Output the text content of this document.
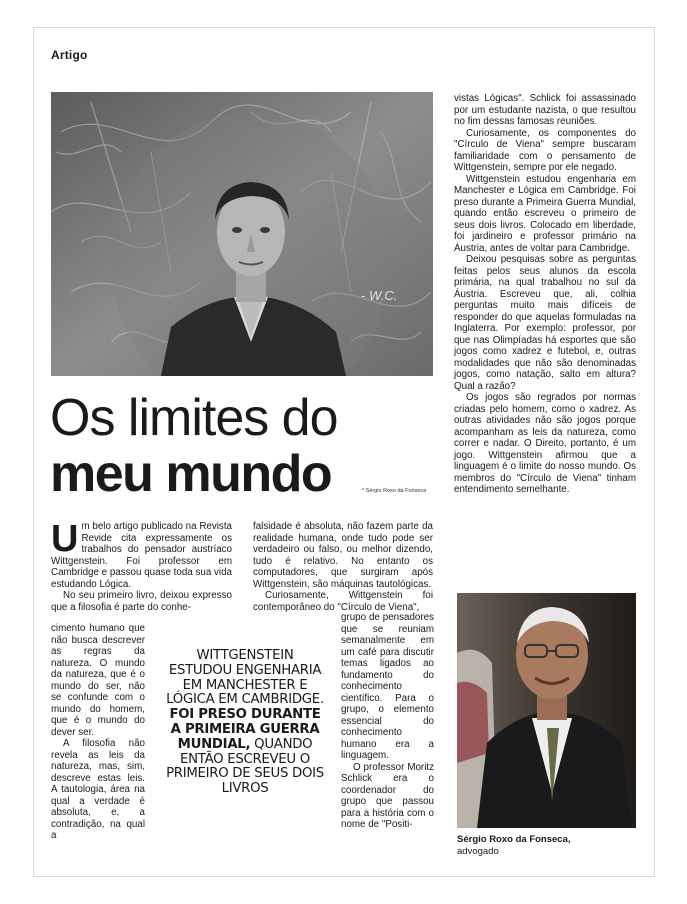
Artigo
- W.C.
Os limites do
meu mundo	* Sérgio Roxo da Fonseca

Um belo artigo publicado na Revista Revide cita expressamente os trabalhos do pensador austríaco Wittgenstein. Foi professor em Cambridge e passou quase toda sua vida estudando Lógica.

No seu primeiro livro, deixou expresso que a filosofia é parte do conhe-

cimento humano que não busca descrever as regras da natureza. O mundo da natureza, que é o mundo do ser, não se confunde com o mundo do homem, que é o mundo do dever ser.

A filosofia não revela as leis da natureza, mas, sim, descreve estas leis. A tautologia, área na qual a verdade é absoluta, e, a contradição, na qual a

falsidade é absoluta, não fazem parte da realidade humana, onde tudo pode ser verdadeiro ou falso, ou melhor dizendo, tudo é relativo. No entanto os computadores, que surgiram após Wittgenstein, são máquinas tautológicas.

Curiosamente, Wittgenstein foi contemporâneo do "Círculo de Viena",

grupo de pensadores que se reuniam semanalmente em um café para discutir temas ligados ao fundamento do conhecimento científico. Para o grupo, o elemento essencial do conhecimento humano era a linguagem.

O professor Moritz Schlick era o coordenador do grupo que passou para a história com o nome de "Positi-

WITTGENSTEIN ESTUDOU ENGENHARIA EM MANCHESTER E LÓGICA EM CAMBRIDGE. FOI PRESO DURANTE A PRIMEIRA GUERRA MUNDIAL, QUANDO ENTÃO ESCREVEU O PRIMEIRO DE SEUS DOIS LIVROS

vistas Lógicas". Schlick foi assassinado por um estudante nazista, o que resultou no fim dessas famosas reuniões.

Curiosamente, os componentes do "Círculo de Viena" sempre buscaram familiaridade com o pensamento de Wittgenstein, sempre por ele negado.

Wittgenstein estudou engenharia em Manchester e Lógica em Cambridge. Foi preso durante a Primeira Guerra Mundial, quando então escreveu o primeiro de seus dois livros. Colocado em liberdade, foi jardineiro e professor primário na Áustria, antes de voltar para Cambridge.

Deixou pesquisas sobre as perguntas feitas pelos seus alunos da escola primária, na qual trabalhou no sul da Áustria. Escreveu que, ali, colhia perguntas muito mais difíceis de responder do que aquelas formuladas na Inglaterra. Por exemplo: professor, por que nas Olimpíadas há esportes que são jogos como xadrez e futebol, e, outras modalidades que não são denominadas jogos, como natação, salto em altura? Qual a razão?

Os jogos são regrados por normas criadas pelo homem, como o xadrez. As outras atividades não são jogos porque acompanham as leis da natureza, como correr e nadar. O Direito, portanto, é um jogo. Wittgenstein afirmou que a linguagem é o limite do nosso mundo. Os membros do "Círculo de Viena" tinham entendimento semelhante.

Sérgio Roxo da Fonseca,
advogado
